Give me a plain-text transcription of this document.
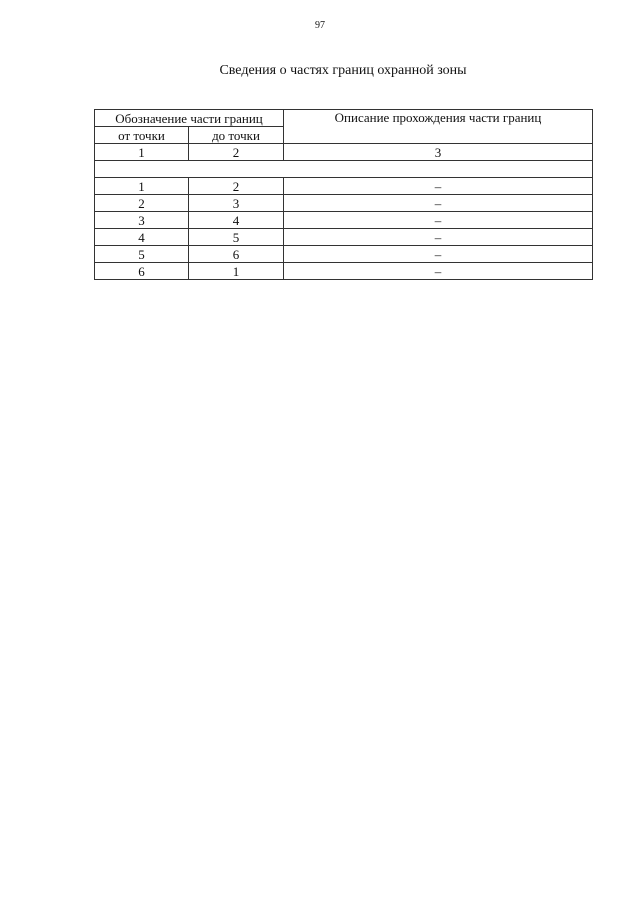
97
Сведения о частях границ охранной зоны
Обозначение части границ		Описание прохождения части границ
от точки	до точки	
1	2	3

1	2	–
2	3	–
3	4	–
4	5	–
5	6	–
6	1	–
